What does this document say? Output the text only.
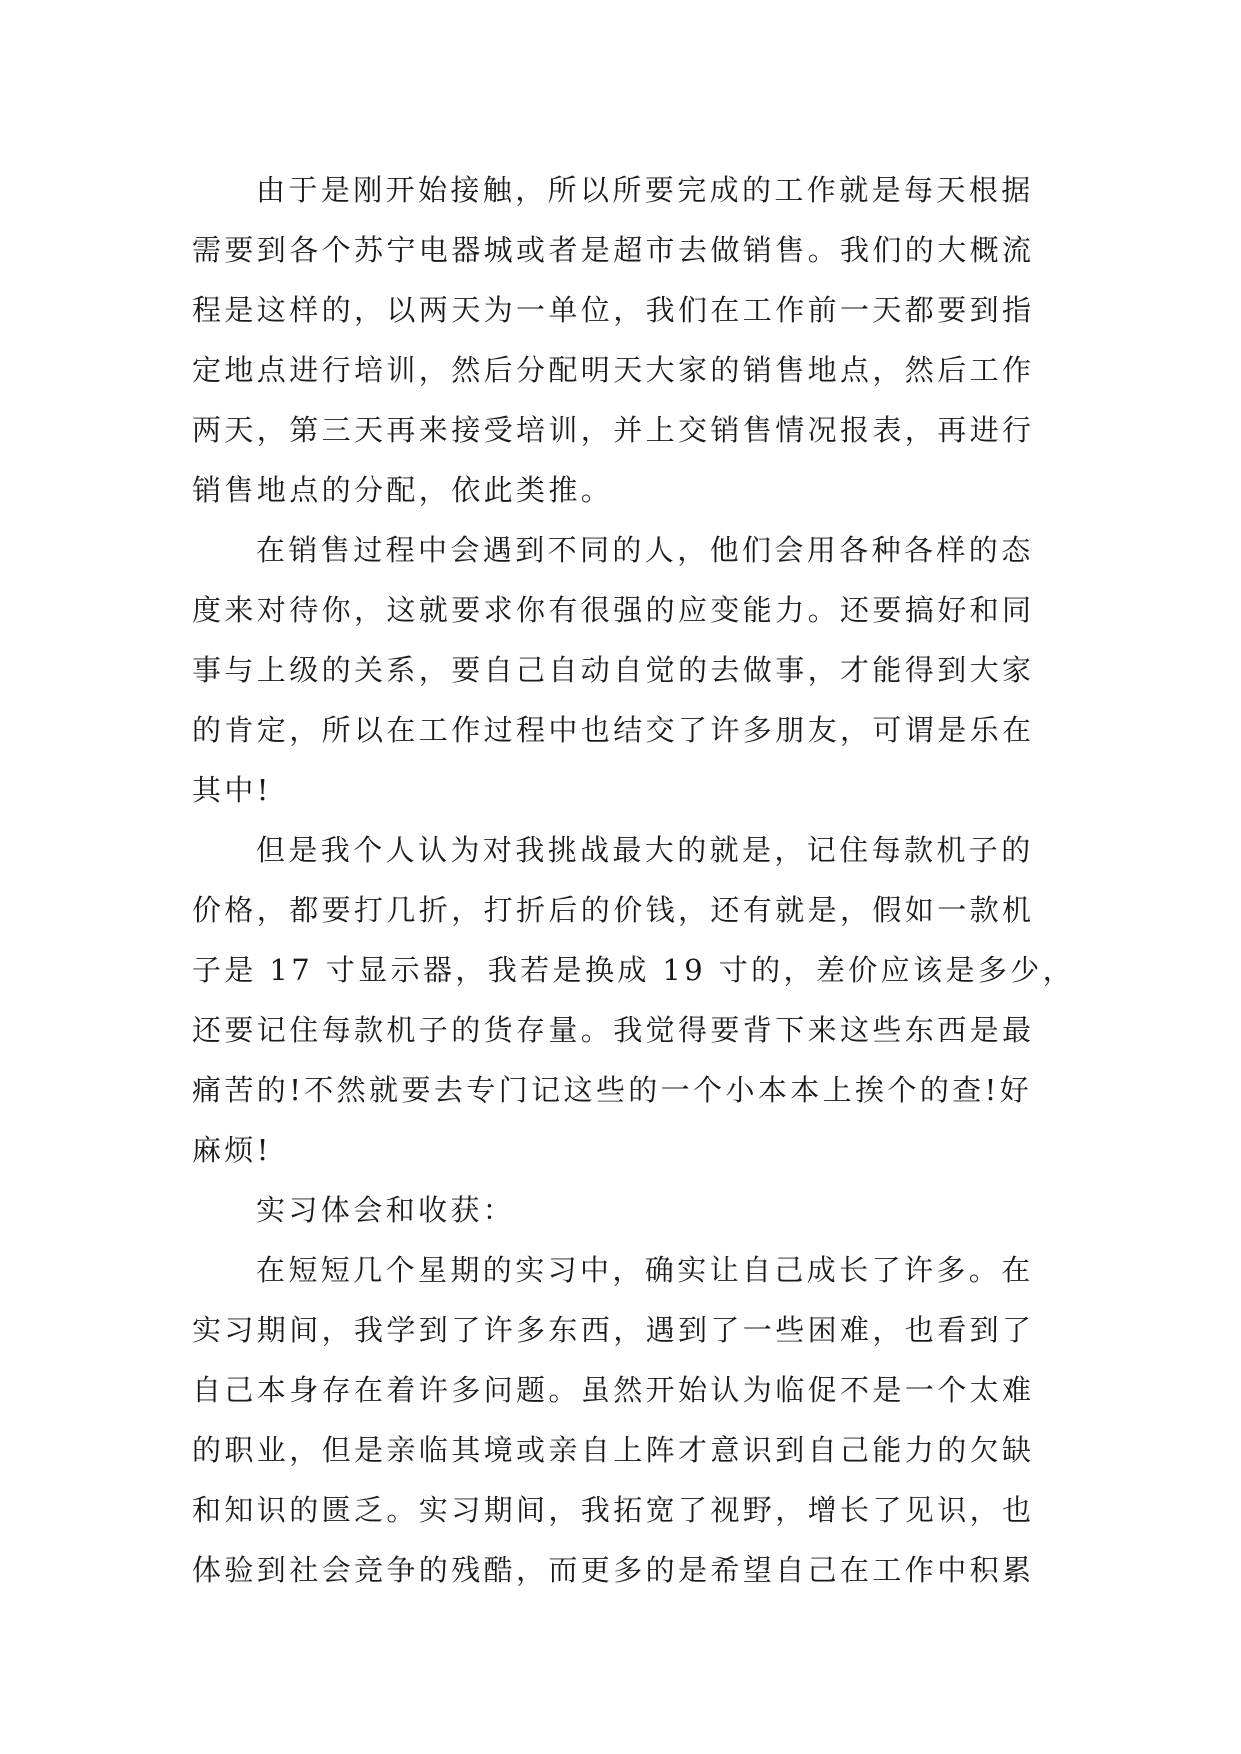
由于是刚开始接触，所以所要完成的工作就是每天根据
需要到各个苏宁电器城或者是超市去做销售。我们的大概流
程是这样的，以两天为一单位，我们在工作前一天都要到指
定地点进行培训，然后分配明天大家的销售地点，然后工作
两天，第三天再来接受培训，并上交销售情况报表，再进行
销售地点的分配，依此类推。
在销售过程中会遇到不同的人，他们会用各种各样的态
度来对待你，这就要求你有很强的应变能力。还要搞好和同
事与上级的关系，要自己自动自觉的去做事，才能得到大家
的肯定，所以在工作过程中也结交了许多朋友，可谓是乐在
其中!
但是我个人认为对我挑战最大的就是，记住每款机子的
价格，都要打几折，打折后的价钱，还有就是，假如一款机
子是 17 寸显示器，我若是换成 19 寸的，差价应该是多少，
还要记住每款机子的货存量。我觉得要背下来这些东西是最
痛苦的!不然就要去专门记这些的一个小本本上挨个的查!好
麻烦!
实习体会和收获：
在短短几个星期的实习中，确实让自己成长了许多。在
实习期间，我学到了许多东西，遇到了一些困难，也看到了
自己本身存在着许多问题。虽然开始认为临促不是一个太难
的职业，但是亲临其境或亲自上阵才意识到自己能力的欠缺
和知识的匮乏。实习期间，我拓宽了视野，增长了见识，也
体验到社会竞争的残酷，而更多的是希望自己在工作中积累
